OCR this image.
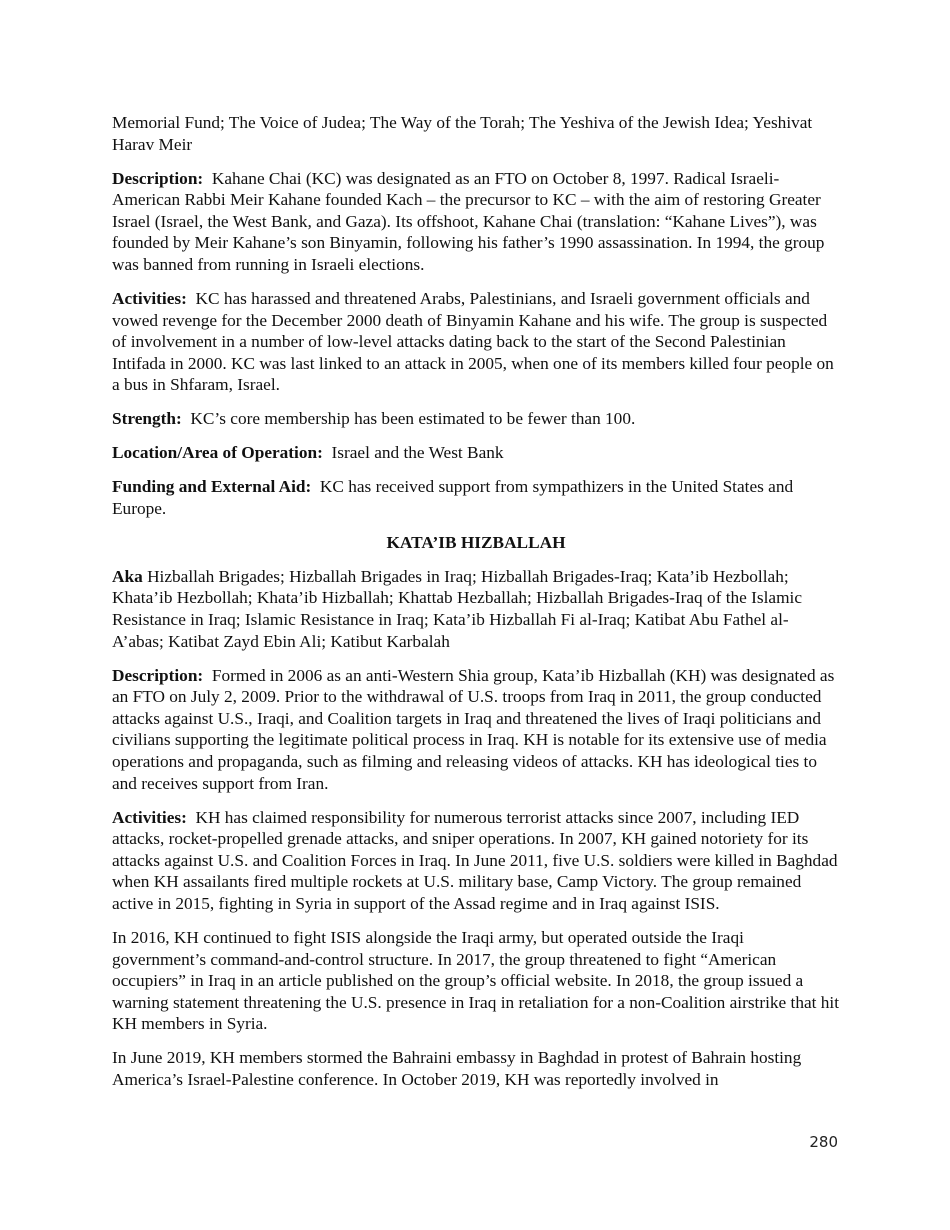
Memorial Fund; The Voice of Judea; The Way of the Torah; The Yeshiva of the Jewish Idea; Yeshivat Harav Meir

Description: Kahane Chai (KC) was designated as an FTO on October 8, 1997. Radical Israeli-American Rabbi Meir Kahane founded Kach – the precursor to KC – with the aim of restoring Greater Israel (Israel, the West Bank, and Gaza). Its offshoot, Kahane Chai (translation: “Kahane Lives”), was founded by Meir Kahane’s son Binyamin, following his father’s 1990 assassination. In 1994, the group was banned from running in Israeli elections.

Activities: KC has harassed and threatened Arabs, Palestinians, and Israeli government officials and vowed revenge for the December 2000 death of Binyamin Kahane and his wife. The group is suspected of involvement in a number of low-level attacks dating back to the start of the Second Palestinian Intifada in 2000. KC was last linked to an attack in 2005, when one of its members killed four people on a bus in Shfaram, Israel.

Strength: KC’s core membership has been estimated to be fewer than 100.

Location/Area of Operation: Israel and the West Bank

Funding and External Aid: KC has received support from sympathizers in the United States and Europe.

KATA’IB HIZBALLAH

Aka Hizballah Brigades; Hizballah Brigades in Iraq; Hizballah Brigades-Iraq; Kata’ib Hezbollah; Khata’ib Hezbollah; Khata’ib Hizballah; Khattab Hezballah; Hizballah Brigades-Iraq of the Islamic Resistance in Iraq; Islamic Resistance in Iraq; Kata’ib Hizballah Fi al-Iraq; Katibat Abu Fathel al-A’abas; Katibat Zayd Ebin Ali; Katibut Karbalah

Description: Formed in 2006 as an anti-Western Shia group, Kata’ib Hizballah (KH) was designated as an FTO on July 2, 2009. Prior to the withdrawal of U.S. troops from Iraq in 2011, the group conducted attacks against U.S., Iraqi, and Coalition targets in Iraq and threatened the lives of Iraqi politicians and civilians supporting the legitimate political process in Iraq. KH is notable for its extensive use of media operations and propaganda, such as filming and releasing videos of attacks. KH has ideological ties to and receives support from Iran.

Activities: KH has claimed responsibility for numerous terrorist attacks since 2007, including IED attacks, rocket-propelled grenade attacks, and sniper operations. In 2007, KH gained notoriety for its attacks against U.S. and Coalition Forces in Iraq. In June 2011, five U.S. soldiers were killed in Baghdad when KH assailants fired multiple rockets at U.S. military base, Camp Victory. The group remained active in 2015, fighting in Syria in support of the Assad regime and in Iraq against ISIS.

In 2016, KH continued to fight ISIS alongside the Iraqi army, but operated outside the Iraqi government’s command-and-control structure. In 2017, the group threatened to fight “American occupiers” in Iraq in an article published on the group’s official website. In 2018, the group issued a warning statement threatening the U.S. presence in Iraq in retaliation for a non-Coalition airstrike that hit KH members in Syria.

In June 2019, KH members stormed the Bahraini embassy in Baghdad in protest of Bahrain hosting America’s Israel-Palestine conference. In October 2019, KH was reportedly involved in

280
